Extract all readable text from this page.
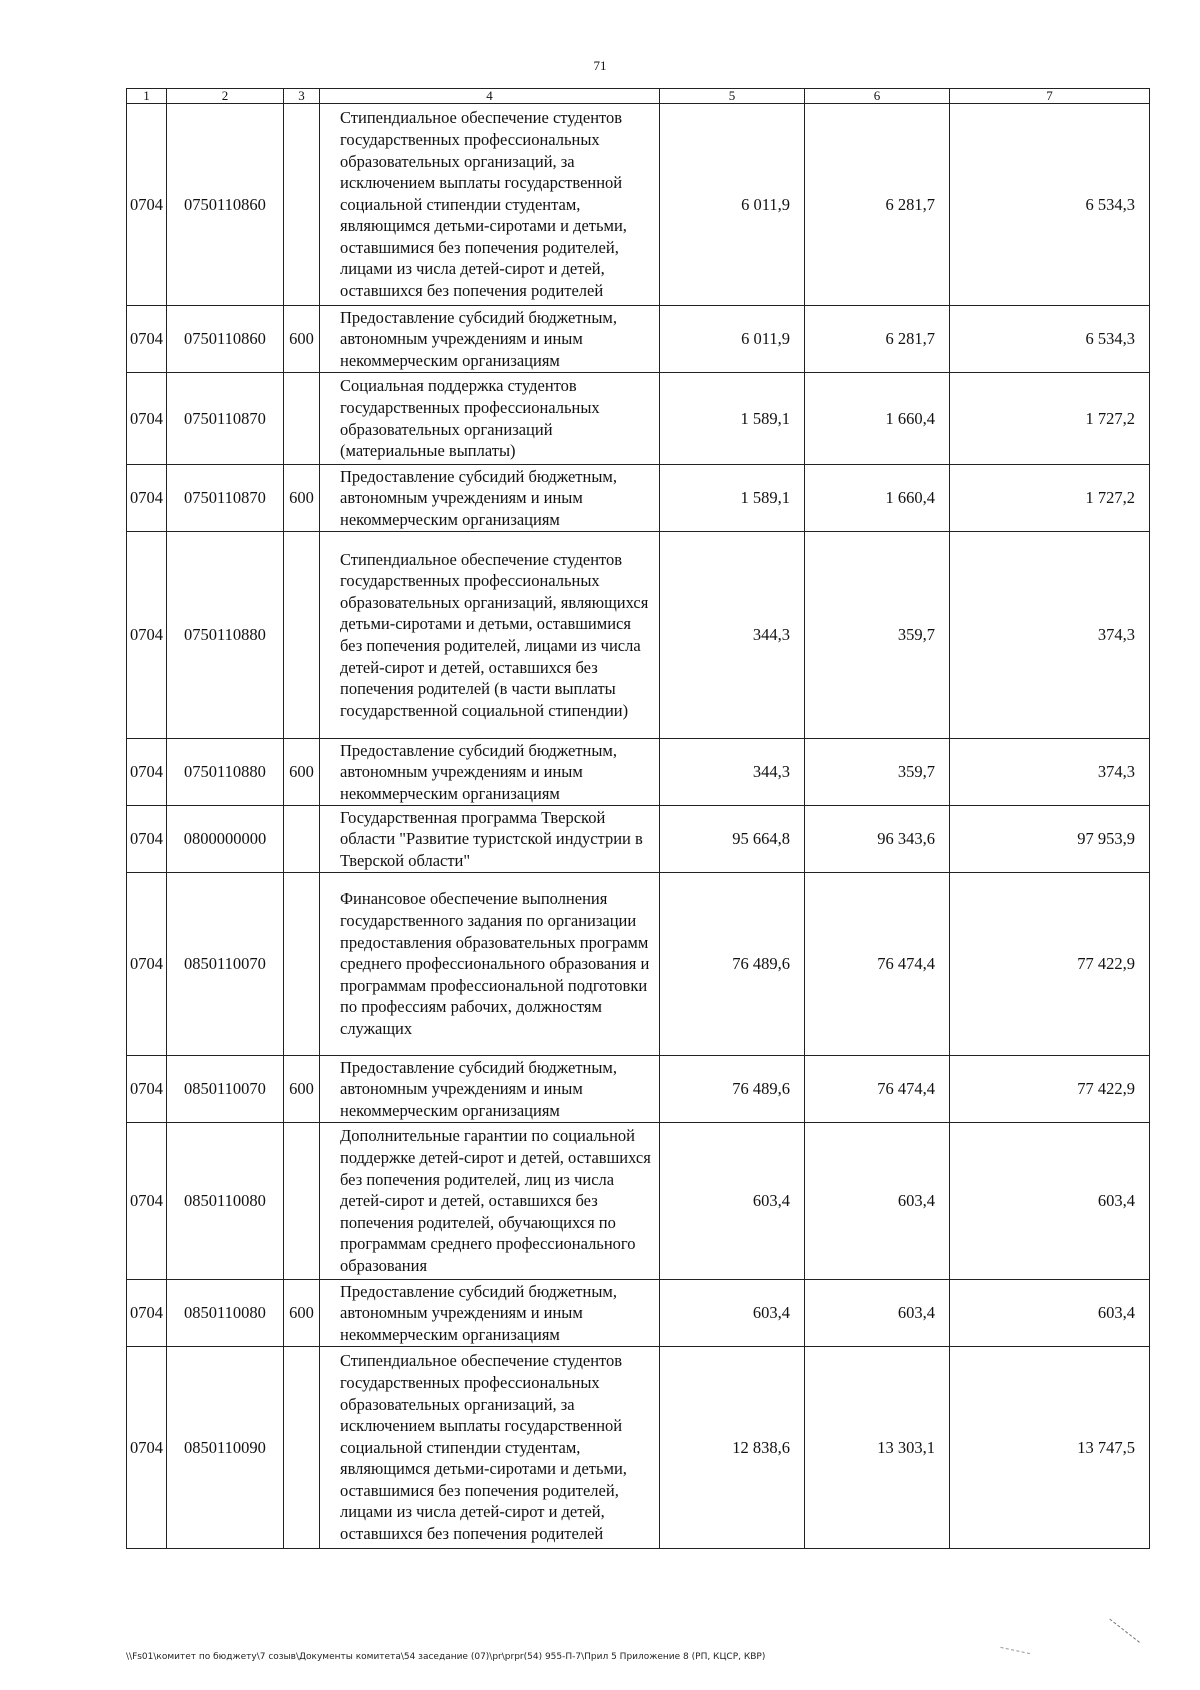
71
1	2	3	4	5	6	7
0704	0750110860		Стипендиальное обеспечение студентов государственных профессиональных образовательных организаций, за исключением выплаты государственной социальной стипендии студентам, являющимся детьми-сиротами и детьми, оставшимися без попечения родителей, лицами из числа детей-сирот и детей, оставшихся без попечения родителей	6 011,9	6 281,7	6 534,3
0704	0750110860	600	Предоставление субсидий бюджетным, автономным учреждениям и иным некоммерческим организациям	6 011,9	6 281,7	6 534,3
0704	0750110870		Социальная поддержка студентов государственных профессиональных образовательных организаций (материальные выплаты)	1 589,1	1 660,4	1 727,2
0704	0750110870	600	Предоставление субсидий бюджетным, автономным учреждениям и иным некоммерческим организациям	1 589,1	1 660,4	1 727,2
0704	0750110880		Стипендиальное обеспечение студентов государственных профессиональных образовательных организаций, являющихся детьми-сиротами и детьми, оставшимися без попечения родителей, лицами из числа детей-сирот и детей, оставшихся без попечения родителей (в части выплаты государственной социальной стипендии)	344,3	359,7	374,3
0704	0750110880	600	Предоставление субсидий бюджетным, автономным учреждениям и иным некоммерческим организациям	344,3	359,7	374,3
0704	0800000000		Государственная программа Тверской области "Развитие туристской индустрии в Тверской области"	95 664,8	96 343,6	97 953,9
0704	0850110070		Финансовое обеспечение выполнения государственного задания по организации предоставления образовательных программ среднего профессионального образования и программам профессиональной подготовки по профессиям рабочих, должностям служащих	76 489,6	76 474,4	77 422,9
0704	0850110070	600	Предоставление субсидий бюджетным, автономным учреждениям и иным некоммерческим организациям	76 489,6	76 474,4	77 422,9
0704	0850110080		Дополнительные гарантии по социальной поддержке детей-сирот и детей, оставшихся без попечения родителей, лиц из числа детей-сирот и детей, оставшихся без попечения родителей, обучающихся по программам среднего профессионального образования	603,4	603,4	603,4
0704	0850110080	600	Предоставление субсидий бюджетным, автономным учреждениям и иным некоммерческим организациям	603,4	603,4	603,4
0704	0850110090		Стипендиальное обеспечение студентов государственных профессиональных образовательных организаций, за исключением выплаты государственной социальной стипендии студентам, являющимся детьми-сиротами и детьми, оставшимися без попечения родителей, лицами из числа детей-сирот и детей, оставшихся без попечения родителей	12 838,6	13 303,1	13 747,5
\\Fs01\комитет по бюджету\7 созыв\Документы комитета\54 заседание (07)\pr\prpr(54) 955-П-7\Прил 5 Приложение 8 (РП, КЦСР, КВР)
